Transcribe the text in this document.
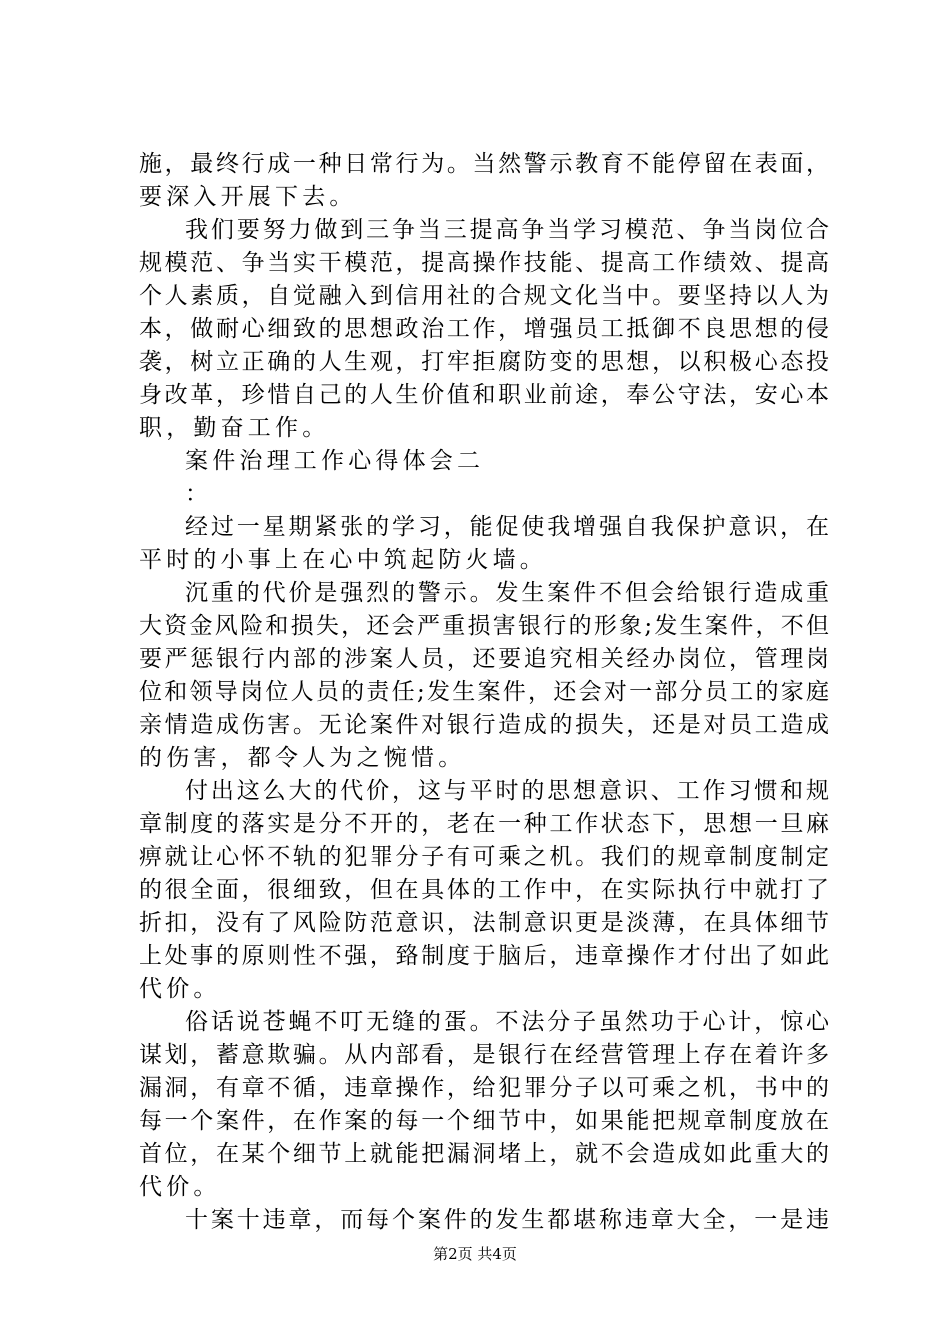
施，最终行成一种日常行为。当然警示教育不能停留在表面，
要深入开展下去。
我们要努力做到三争当三提高争当学习模范、争当岗位合
规模范、争当实干模范，提高操作技能、提高工作绩效、提高
个人素质，自觉融入到信用社的合规文化当中。要坚持以人为
本，做耐心细致的思想政治工作，增强员工抵御不良思想的侵
袭，树立正确的人生观，打牢拒腐防变的思想，以积极心态投
身改革，珍惜自己的人生价值和职业前途，奉公守法，安心本
职，勤奋工作。
案件治理工作心得体会二
：
经过一星期紧张的学习，能促使我增强自我保护意识，在
平时的小事上在心中筑起防火墙。
沉重的代价是强烈的警示。发生案件不但会给银行造成重
大资金风险和损失，还会严重损害银行的形象;发生案件，不但
要严惩银行内部的涉案人员，还要追究相关经办岗位，管理岗
位和领导岗位人员的责任;发生案件，还会对一部分员工的家庭
亲情造成伤害。无论案件对银行造成的损失，还是对员工造成
的伤害，都令人为之惋惜。
付出这么大的代价，这与平时的思想意识、工作习惯和规
章制度的落实是分不开的，老在一种工作状态下，思想一旦麻
痹就让心怀不轨的犯罪分子有可乘之机。我们的规章制度制定
的很全面，很细致，但在具体的工作中，在实际执行中就打了
折扣，没有了风险防范意识，法制意识更是淡薄，在具体细节
上处事的原则性不强，臵制度于脑后，违章操作才付出了如此
代价。
俗话说苍蝇不叮无缝的蛋。不法分子虽然功于心计，惊心
谋划，蓄意欺骗。从内部看，是银行在经营管理上存在着许多
漏洞，有章不循，违章操作，给犯罪分子以可乘之机，书中的
每一个案件，在作案的每一个细节中，如果能把规章制度放在
首位，在某个细节上就能把漏洞堵上，就不会造成如此重大的
代价。
十案十违章，而每个案件的发生都堪称违章大全，一是违
第2页 共4页
